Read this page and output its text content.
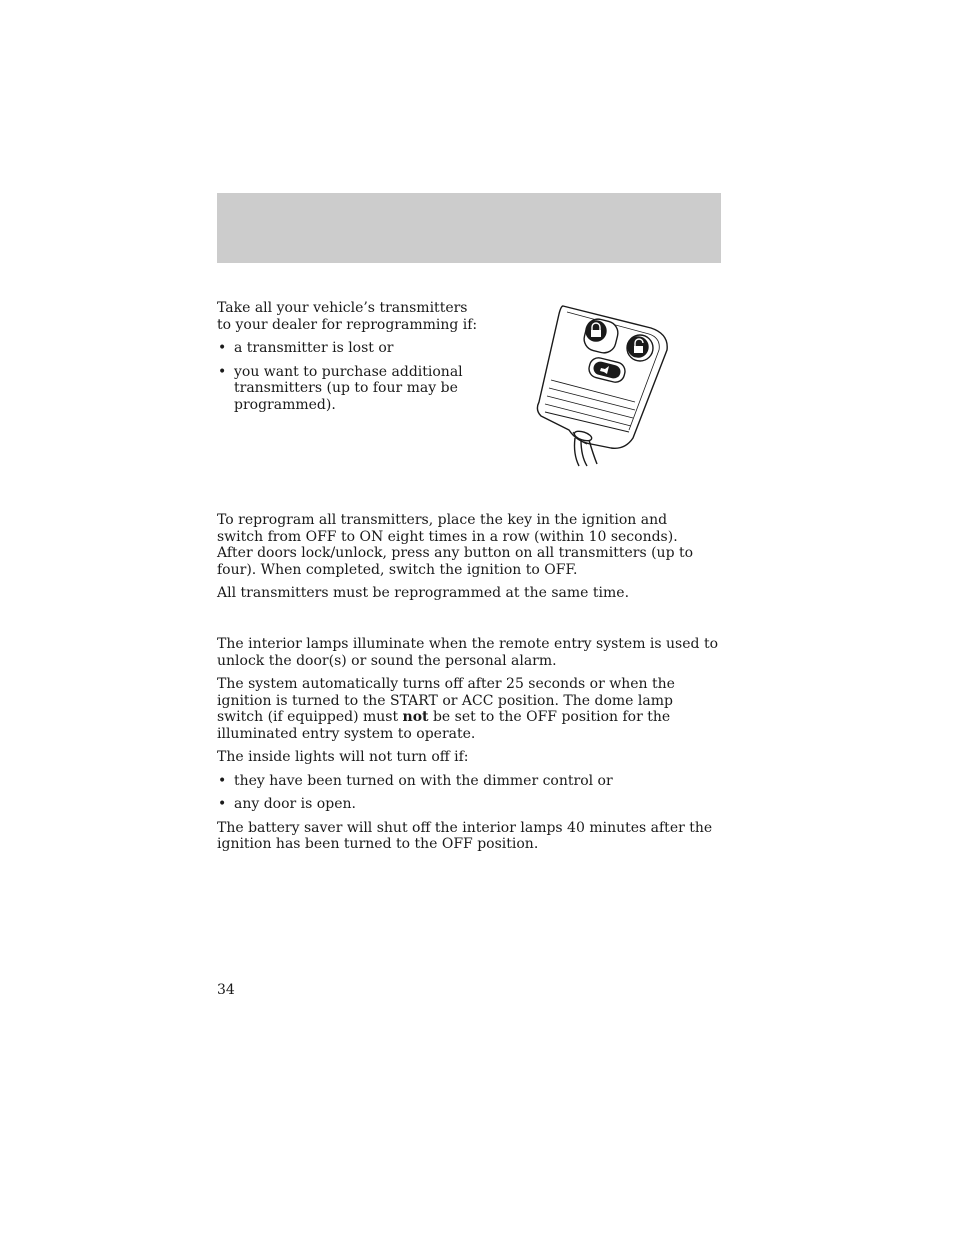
Take all your vehicle’s transmitters

to your dealer for reprogramming if:

• a transmitter is lost or
• you want to purchase additional transmitters (up to four may be programmed).

To reprogram all transmitters, place the key in the ignition and switch from OFF to ON eight times in a row (within 10 seconds). After doors lock/unlock, press any button on all transmitters (up to four). When completed, switch the ignition to OFF.

All transmitters must be reprogrammed at the same time.

The interior lamps illuminate when the remote entry system is used to unlock the door(s) or sound the personal alarm.

The system automatically turns off after 25 seconds or when the ignition is turned to the START or ACC position. The dome lamp switch (if equipped) must not be set to the OFF position for the illuminated entry system to operate.

The inside lights will not turn off if:

• they have been turned on with the dimmer control or
• any door is open.

The battery saver will shut off the interior lamps 40 minutes after the ignition has been turned to the OFF position.

34
